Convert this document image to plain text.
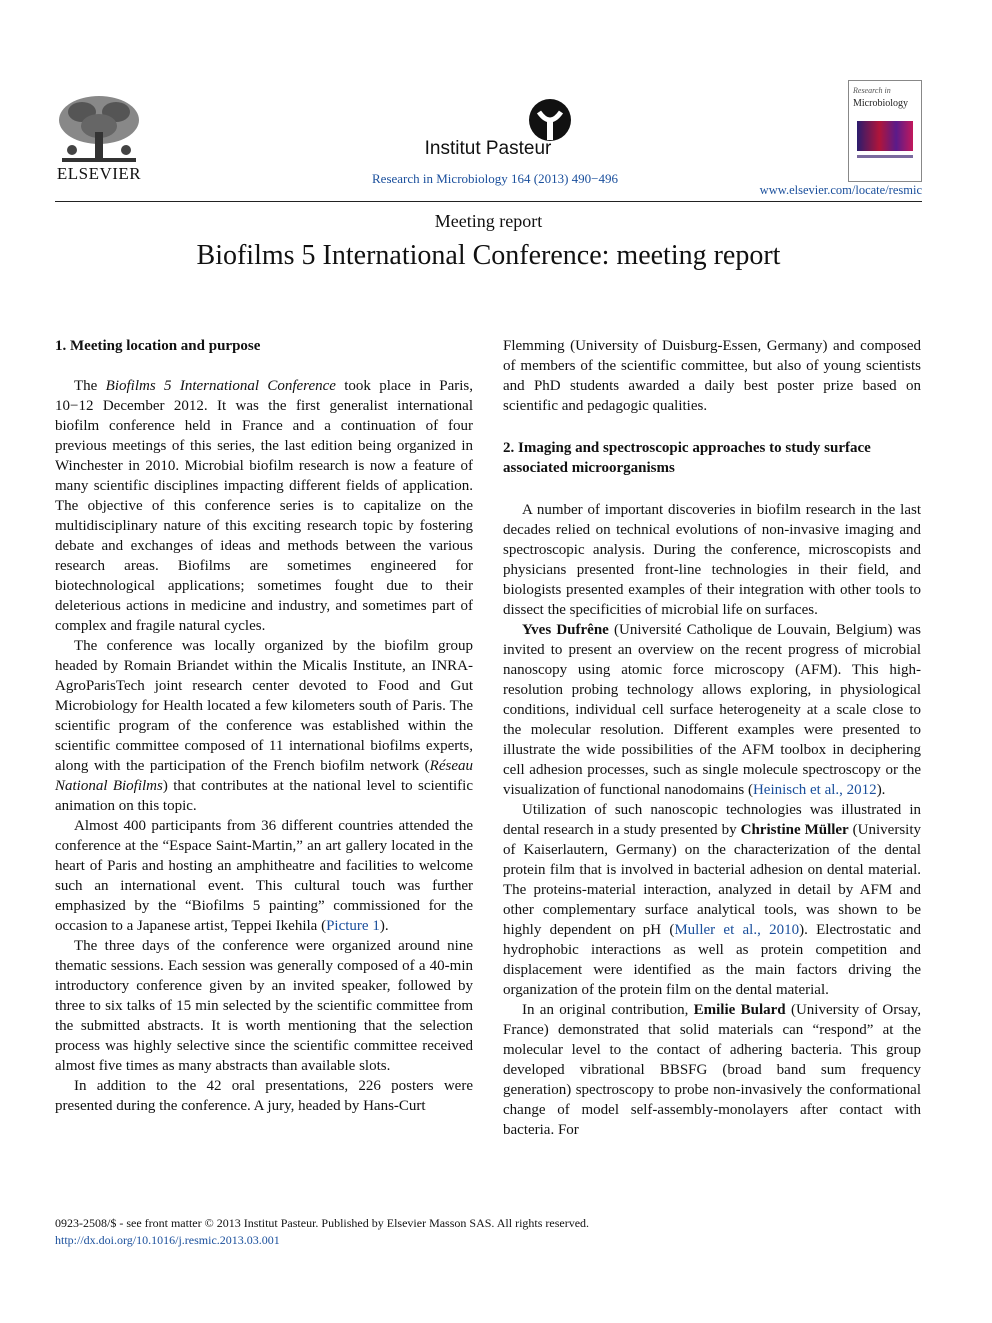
ELSEVIER
Institut Pasteur
Research in Microbiology 164 (2013) 490−496
Research in
Microbiology
www.elsevier.com/locate/resmic
Meeting report
Biofilms 5 International Conference: meeting report
1. Meeting location and purpose

The Biofilms 5 International Conference took place in Paris, 10−12 December 2012. It was the first generalist international biofilm conference held in France and a continuation of four previous meetings of this series, the last edition being organized in Winchester in 2010. Microbial biofilm research is now a feature of many scientific disciplines impacting different fields of application. The objective of this conference series is to capitalize on the multidisciplinary nature of this exciting research topic by fostering debate and exchanges of ideas and methods between the various research areas. Biofilms are sometimes engineered for biotechnological applications; sometimes fought due to their deleterious actions in medicine and industry, and sometimes part of complex and fragile natural cycles.

The conference was locally organized by the biofilm group headed by Romain Briandet within the Micalis Institute, an INRA-AgroParisTech joint research center devoted to Food and Gut Microbiology for Health located a few kilometers south of Paris. The scientific program of the conference was established within the scientific committee composed of 11 international biofilms experts, along with the participation of the French biofilm network (Réseau National Biofilms) that contributes at the national level to scientific animation on this topic.

Almost 400 participants from 36 different countries attended the conference at the “Espace Saint-Martin,” an art gallery located in the heart of Paris and hosting an amphitheatre and facilities to welcome such an international event. This cultural touch was further emphasized by the “Biofilms 5 painting” commissioned for the occasion to a Japanese artist, Teppei Ikehila (Picture 1).

The three days of the conference were organized around nine thematic sessions. Each session was generally composed of a 40-min introductory conference given by an invited speaker, followed by three to six talks of 15 min selected by the scientific committee from the submitted abstracts. It is worth mentioning that the selection process was highly selective since the scientific committee received almost five times as many abstracts than available slots.

In addition to the 42 oral presentations, 226 posters were presented during the conference. A jury, headed by Hans-Curt

Flemming (University of Duisburg-Essen, Germany) and composed of members of the scientific committee, but also of young scientists and PhD students awarded a daily best poster prize based on scientific and pedagogic qualities.

2. Imaging and spectroscopic approaches to study surface associated microorganisms

A number of important discoveries in biofilm research in the last decades relied on technical evolutions of non-invasive imaging and spectroscopic analysis. During the conference, microscopists and physicians presented front-line technologies in their field, and biologists presented examples of their integration with other tools to dissect the specificities of microbial life on surfaces.

Yves Dufrêne (Université Catholique de Louvain, Belgium) was invited to present an overview on the recent progress of microbial nanoscopy using atomic force microscopy (AFM). This high-resolution probing technology allows exploring, in physiological conditions, individual cell surface heterogeneity at a scale close to the molecular resolution. Different examples were presented to illustrate the wide possibilities of the AFM toolbox in deciphering cell adhesion processes, such as single molecule spectroscopy or the visualization of functional nanodomains (Heinisch et al., 2012).

Utilization of such nanoscopic technologies was illustrated in dental research in a study presented by Christine Müller (University of Kaiserlautern, Germany) on the characterization of the dental protein film that is involved in bacterial adhesion on dental material. The proteins-material interaction, analyzed in detail by AFM and other complementary surface analytical tools, was shown to be highly dependent on pH (Muller et al., 2010). Electrostatic and hydrophobic interactions as well as protein competition and displacement were identified as the main factors driving the organization of the protein film on the dental material.

In an original contribution, Emilie Bulard (University of Orsay, France) demonstrated that solid materials can “respond” at the molecular level to the contact of adhering bacteria. This group developed vibrational BBSFG (broad band sum frequency generation) spectroscopy to probe non-invasively the conformational change of model self-assembly-monolayers after contact with bacteria. For

0923-2508/$ - see front matter © 2013 Institut Pasteur. Published by Elsevier Masson SAS. All rights reserved.
http://dx.doi.org/10.1016/j.resmic.2013.03.001
